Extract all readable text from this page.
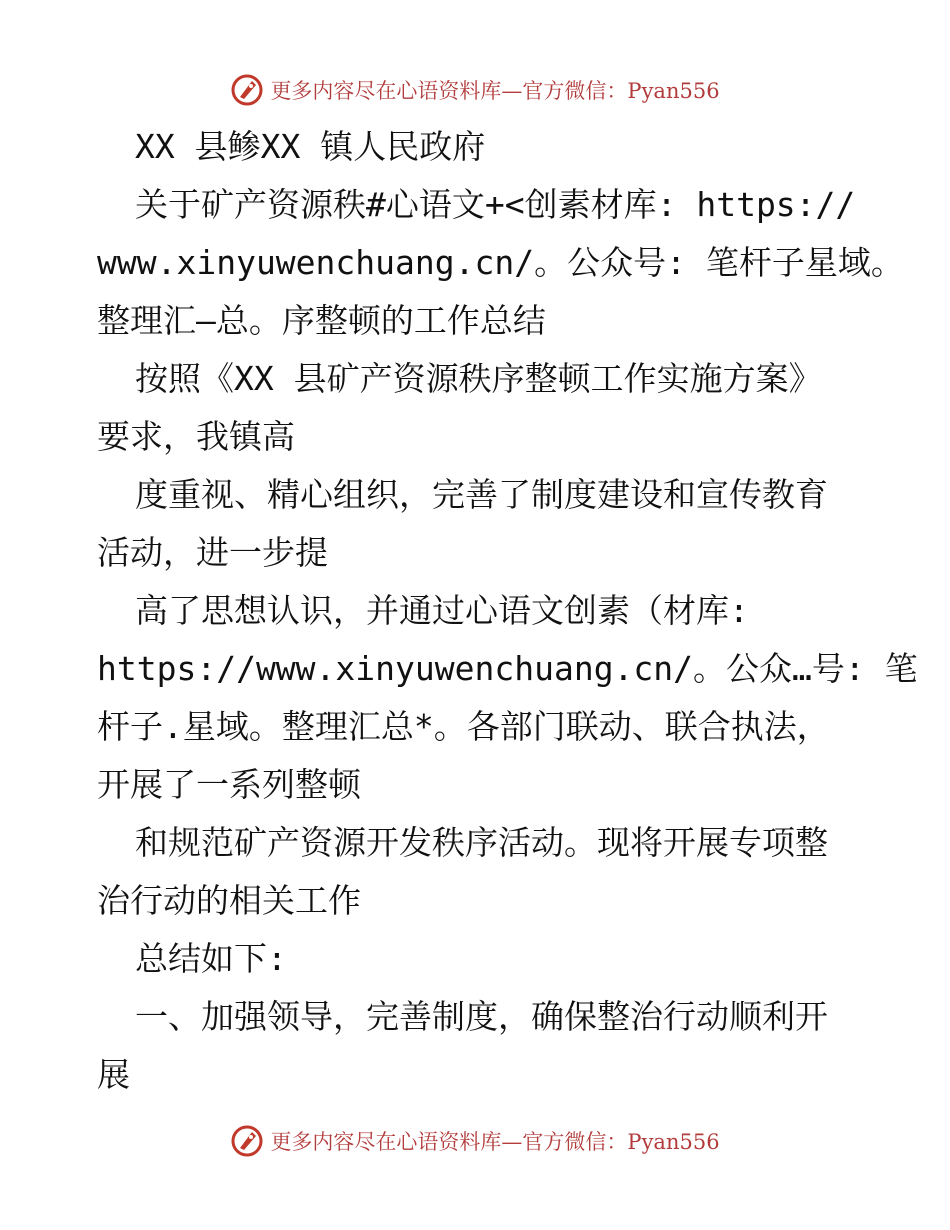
更多内容尽在心语资料库—官方微信：Pyan556
XX 县鲹XX 镇人民政府
关于矿产资源秩#心语文+<创素材库: https://
www.xinyuwenchuang.cn/。公众号: 笔杆子星域。
整理汇—总。序整顿的工作总结
按照《XX 县矿产资源秩序整顿工作实施方案》
要求，我镇高
度重视、精心组织，完善了制度建设和宣传教育
活动，进一步提
高了思想认识，并通过心语文创素（材库:
https://www.xinyuwenchuang.cn/。公众…号: 笔
杆子.星域。整理汇总*。各部门联动、联合执法，
开展了一系列整顿
和规范矿产资源开发秩序活动。现将开展专项整
治行动的相关工作
总结如下:
一、加强领导，完善制度，确保整治行动顺利开
展
更多内容尽在心语资料库—官方微信：Pyan556
